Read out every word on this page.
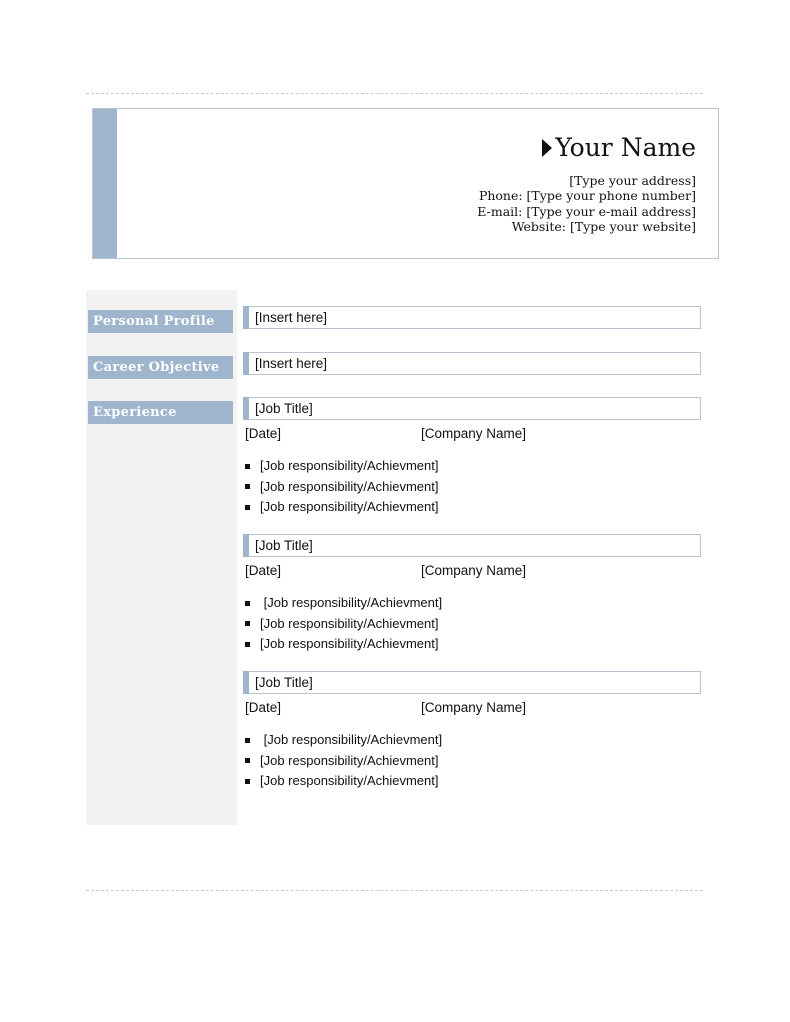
Your Name
[Type your address]
Phone: [Type your phone number]
E-mail: [Type your e-mail address]
Website: [Type your website]
Personal Profile
Career Objective
Experience
[Insert here]
[Insert here]
[Job Title]
[Date]	[Company Name]
[Job responsibility/Achievment]
[Job responsibility/Achievment]
[Job responsibility/Achievment]
[Job Title]
[Date]	[Company Name]
[Job responsibility/Achievment]
[Job responsibility/Achievment]
[Job responsibility/Achievment]
[Job Title]
[Date]	[Company Name]
[Job responsibility/Achievment]
[Job responsibility/Achievment]
[Job responsibility/Achievment]
